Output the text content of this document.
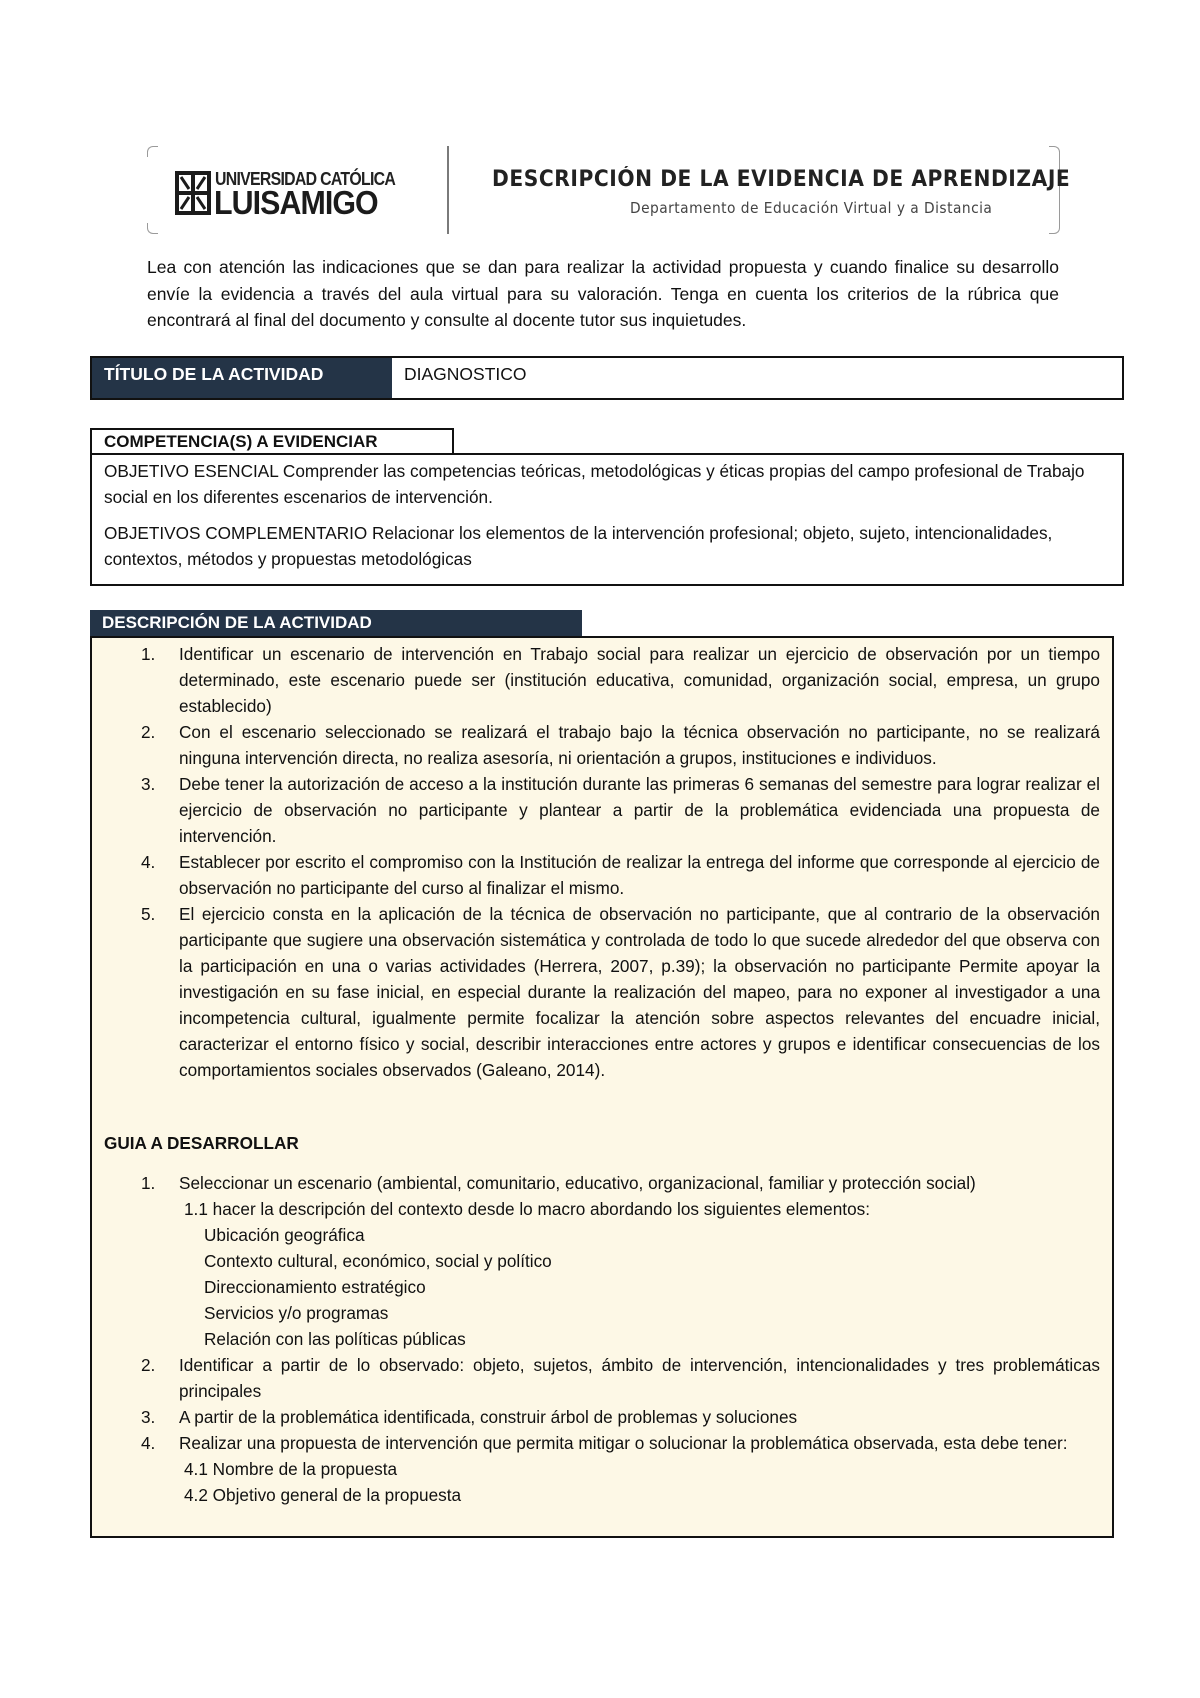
UNIVERSIDAD CATÓLICA
LUISAMIGO
DESCRIPCIÓN DE LA EVIDENCIA DE APRENDIZAJE
Departamento de Educación Virtual y a Distancia
Lea con atención las indicaciones que se dan para realizar la actividad propuesta y cuando finalice su desarrollo envíe la evidencia a través del aula virtual para su valoración. Tenga en cuenta los criterios de la rúbrica que encontrará al final del documento y consulte al docente tutor sus inquietudes.
TÍTULO DE LA ACTIVIDAD	DIAGNOSTICO
COMPETENCIA(S) A EVIDENCIAR

OBJETIVO ESENCIAL Comprender las competencias teóricas, metodológicas y éticas propias del campo profesional de Trabajo social en los diferentes escenarios de intervención.

OBJETIVOS COMPLEMENTARIO Relacionar los elementos de la intervención profesional; objeto, sujeto, intencionalidades, contextos, métodos y propuestas metodológicas

DESCRIPCIÓN DE LA ACTIVIDAD
1. Identificar un escenario de intervención en Trabajo social para realizar un ejercicio de observación por un tiempo determinado, este escenario puede ser (institución educativa, comunidad, organización social, empresa, un grupo establecido)
2. Con el escenario seleccionado se realizará el trabajo bajo la técnica observación no participante, no se realizará ninguna intervención directa, no realiza asesoría, ni orientación a grupos, instituciones e individuos.
3. Debe tener la autorización de acceso a la institución durante las primeras 6 semanas del semestre para lograr realizar el ejercicio de observación no participante y plantear a partir de la problemática evidenciada una propuesta de intervención.
4. Establecer por escrito el compromiso con la Institución de realizar la entrega del informe que corresponde al ejercicio de observación no participante del curso al finalizar el mismo.
5. El ejercicio consta en la aplicación de la técnica de observación no participante, que al contrario de la observación participante que sugiere una observación sistemática y controlada de todo lo que sucede alrededor del que observa con la participación en una o varias actividades (Herrera, 2007, p.39); la observación no participante Permite apoyar la investigación en su fase inicial, en especial durante la realización del mapeo, para no exponer al investigador a una incompetencia cultural, igualmente permite focalizar la atención sobre aspectos relevantes del encuadre inicial, caracterizar el entorno físico y social, describir interacciones entre actores y grupos e identificar consecuencias de los comportamientos sociales observados (Galeano, 2014).
GUIA A DESARROLLAR
1. Seleccionar un escenario (ambiental, comunitario, educativo, organizacional, familiar y protección social)
1.1 hacer la descripción del contexto desde lo macro abordando los siguientes elementos:
Ubicación geográfica
Contexto cultural, económico, social y político
Direccionamiento estratégico
Servicios y/o programas
Relación con las políticas públicas
2. Identificar a partir de lo observado: objeto, sujetos, ámbito de intervención, intencionalidades y tres problemáticas principales
3. A partir de la problemática identificada, construir árbol de problemas y soluciones
4. Realizar una propuesta de intervención que permita mitigar o solucionar la problemática observada, esta debe tener:
4.1 Nombre de la propuesta
4.2 Objetivo general de la propuesta
